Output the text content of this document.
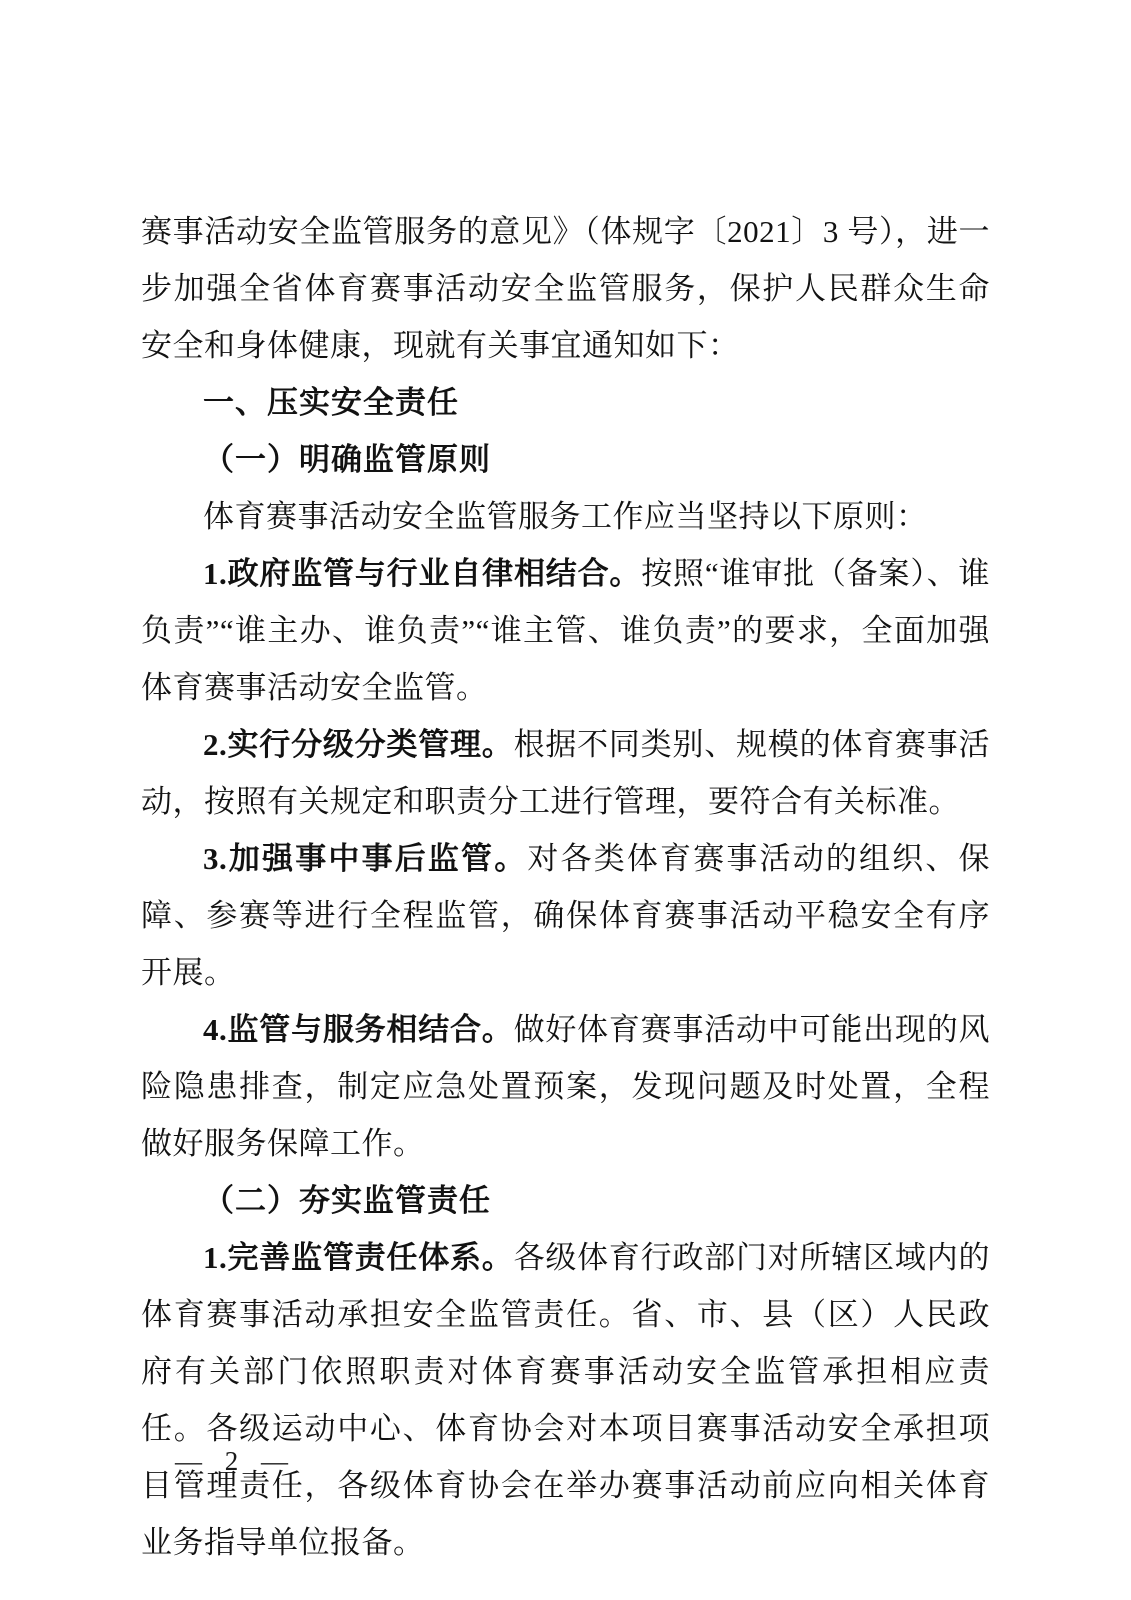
赛事活动安全监管服务的意见》（体规字〔2021〕3 号），进一步加强全省体育赛事活动安全监管服务，保护人民群众生命安全和身体健康，现就有关事宜通知如下：

一、压实安全责任

（一）明确监管原则

体育赛事活动安全监管服务工作应当坚持以下原则：

1.政府监管与行业自律相结合。按照“谁审批（备案）、谁负责”“谁主办、谁负责”“谁主管、谁负责”的要求，全面加强体育赛事活动安全监管。

2.实行分级分类管理。根据不同类别、规模的体育赛事活动，按照有关规定和职责分工进行管理，要符合有关标准。

3.加强事中事后监管。对各类体育赛事活动的组织、保障、参赛等进行全程监管，确保体育赛事活动平稳安全有序开展。

4.监管与服务相结合。做好体育赛事活动中可能出现的风险隐患排查，制定应急处置预案，发现问题及时处置，全程做好服务保障工作。

（二）夯实监管责任

1.完善监管责任体系。各级体育行政部门对所辖区域内的体育赛事活动承担安全监管责任。省、市、县（区）人民政府有关部门依照职责对体育赛事活动安全监管承担相应责任。各级运动中心、体育协会对本项目赛事活动安全承担项目管理责任，各级体育协会在举办赛事活动前应向相关体育业务指导单位报备。

— 2 —
